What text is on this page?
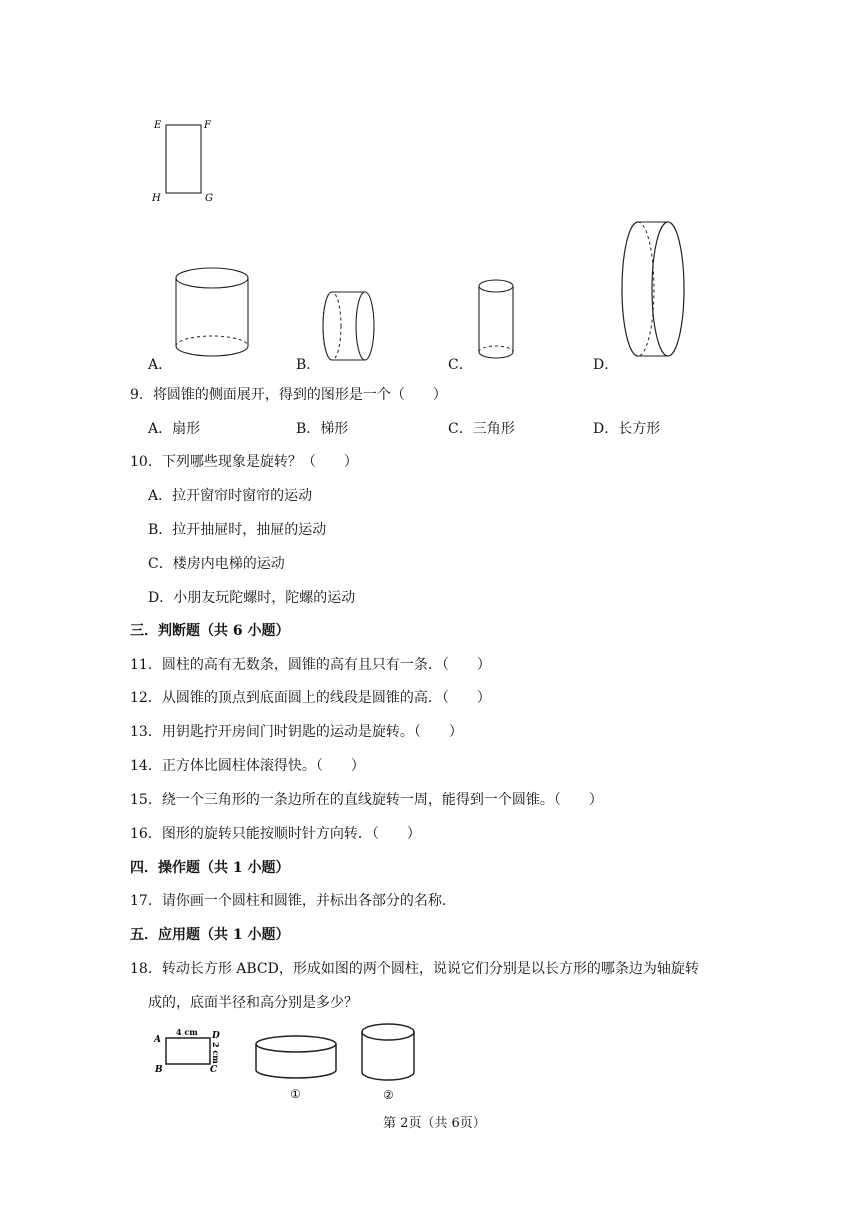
E	F
H	G
A．	B．	C．	D．
9．将圆锥的侧面展开，得到的图形是一个（　　）
A．扇形	B．梯形	C．三角形	D．长方形
10．下列哪些现象是旋转？（　　）
A．拉开窗帘时窗帘的运动
B．拉开抽屉时，抽屉的运动
C．楼房内电梯的运动
D．小朋友玩陀螺时，陀螺的运动
三．判断题（共 6 小题）
11．圆柱的高有无数条，圆锥的高有且只有一条．（　　）
12．从圆锥的顶点到底面圆上的线段是圆锥的高．（　　）
13．用钥匙拧开房间门时钥匙的运动是旋转。（　　）
14．正方体比圆柱体滚得快。（　　）
15．绕一个三角形的一条边所在的直线旋转一周，能得到一个圆锥。（　　）
16．图形的旋转只能按顺时针方向转．（　　）
四．操作题（共 1 小题）
17．请你画一个圆柱和圆锥，并标出各部分的名称．
五．应用题（共 1 小题）
18．转动长方形 ABCD，形成如图的两个圆柱，说说它们分别是以长方形的哪条边为轴旋转
成的，底面半径和高分别是多少？
A	D
B	C
4 cm
2 cm
①	②
第 2页（共 6页）
